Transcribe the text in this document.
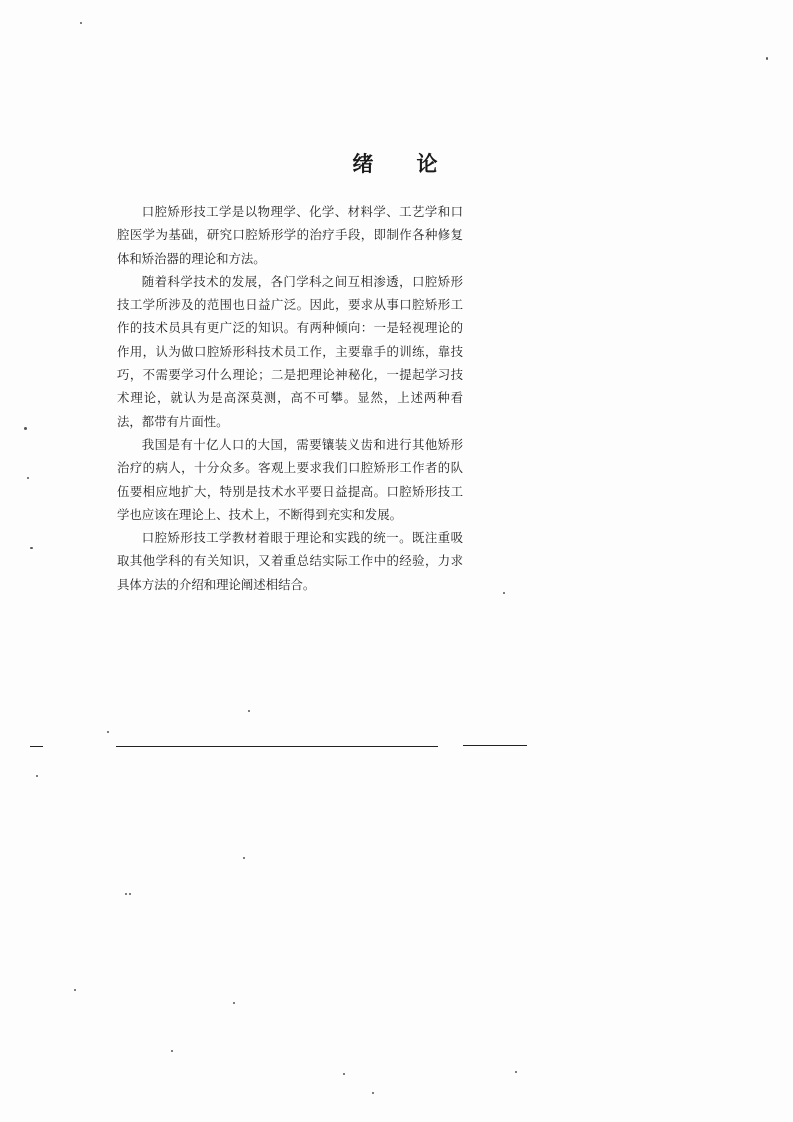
绪 论

口腔矫形技工学是以物理学、化学、材料学、工艺学和口腔医学为基础，研究口腔矫形学的治疗手段，即制作各种修复体和矫治器的理论和方法。

随着科学技术的发展，各门学科之间互相渗透，口腔矫形技工学所涉及的范围也日益广泛。因此，要求从事口腔矫形工作的技术员具有更广泛的知识。有两种倾向：一是轻视理论的作用，认为做口腔矫形科技术员工作，主要靠手的训练，靠技巧，不需要学习什么理论；二是把理论神秘化，一提起学习技术理论，就认为是高深莫测，高不可攀。显然，上述两种看法，都带有片面性。

我国是有十亿人口的大国，需要镶装义齿和进行其他矫形治疗的病人，十分众多。客观上要求我们口腔矫形工作者的队伍要相应地扩大，特别是技术水平要日益提高。口腔矫形技工学也应该在理论上、技术上，不断得到充实和发展。

口腔矫形技工学教材着眼于理论和实践的统一。既注重吸取其他学科的有关知识，又着重总结实际工作中的经验，力求具体方法的介绍和理论阐述相结合。
